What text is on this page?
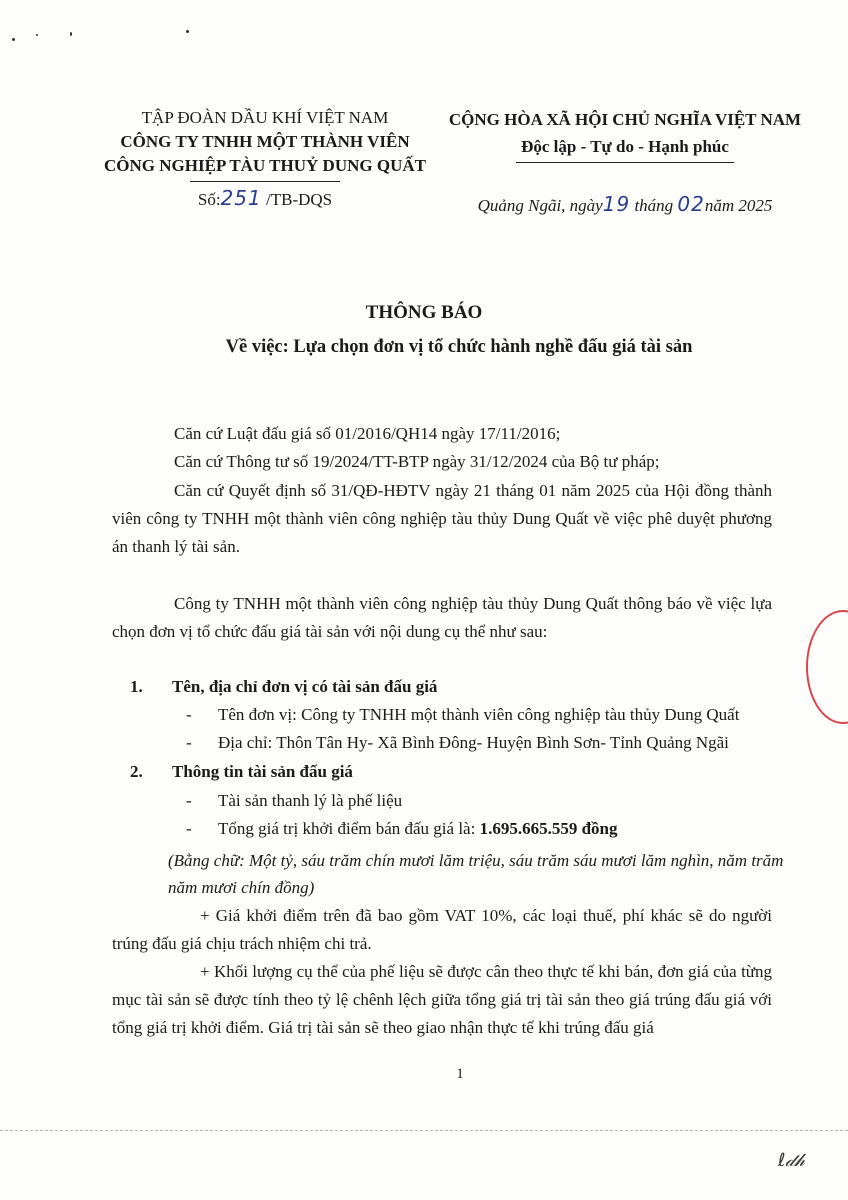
TẬP ĐOÀN DẦU KHÍ VIỆT NAM
CÔNG TY TNHH MỘT THÀNH VIÊN
CÔNG NGHIỆP TÀU THUỶ DUNG QUẤT
Số:251 /TB-DQS
CỘNG HÒA XÃ HỘI CHỦ NGHĨA VIỆT NAM
Độc lập - Tự do - Hạnh phúc
Quảng Ngãi, ngày19 tháng 02năm 2025
THÔNG BÁO
Về việc: Lựa chọn đơn vị tổ chức hành nghề đấu giá tài sản
Căn cứ Luật đấu giá số 01/2016/QH14 ngày 17/11/2016;
Căn cứ Thông tư số 19/2024/TT-BTP ngày 31/12/2024 của Bộ tư pháp;
Căn cứ Quyết định số 31/QĐ-HĐTV ngày 21 tháng 01 năm 2025 của Hội đồng thành viên công ty TNHH một thành viên công nghiệp tàu thủy Dung Quất về việc phê duyệt phương án thanh lý tài sản.
Công ty TNHH một thành viên công nghiệp tàu thủy Dung Quất thông báo về việc lựa chọn đơn vị tổ chức đấu giá tài sản với nội dung cụ thể như sau:
1. Tên, địa chỉ đơn vị có tài sản đấu giá
- Tên đơn vị: Công ty TNHH một thành viên công nghiệp tàu thủy Dung Quất
- Địa chỉ: Thôn Tân Hy- Xã Bình Đông- Huyện Bình Sơn- Tỉnh Quảng Ngãi
2. Thông tin tài sản đấu giá
- Tài sản thanh lý là phế liệu
- Tổng giá trị khởi điểm bán đấu giá là: 1.695.665.559 đồng
(Bằng chữ: Một tỷ, sáu trăm chín mươi lăm triệu, sáu trăm sáu mươi lăm nghìn, năm trăm năm mươi chín đồng)
+ Giá khởi điểm trên đã bao gồm VAT 10%, các loại thuế, phí khác sẽ do người trúng đấu giá chịu trách nhiệm chi trả.
+ Khối lượng cụ thể của phế liệu sẽ được cân theo thực tế khi bán, đơn giá của từng mục tài sản sẽ được tính theo tỷ lệ chênh lệch giữa tổng giá trị tài sản theo giá trúng đấu giá với tổng giá trị khởi điểm. Giá trị tài sản sẽ theo giao nhận thực tế khi trúng đấu giá
1
ℓ𝒹𝒽
